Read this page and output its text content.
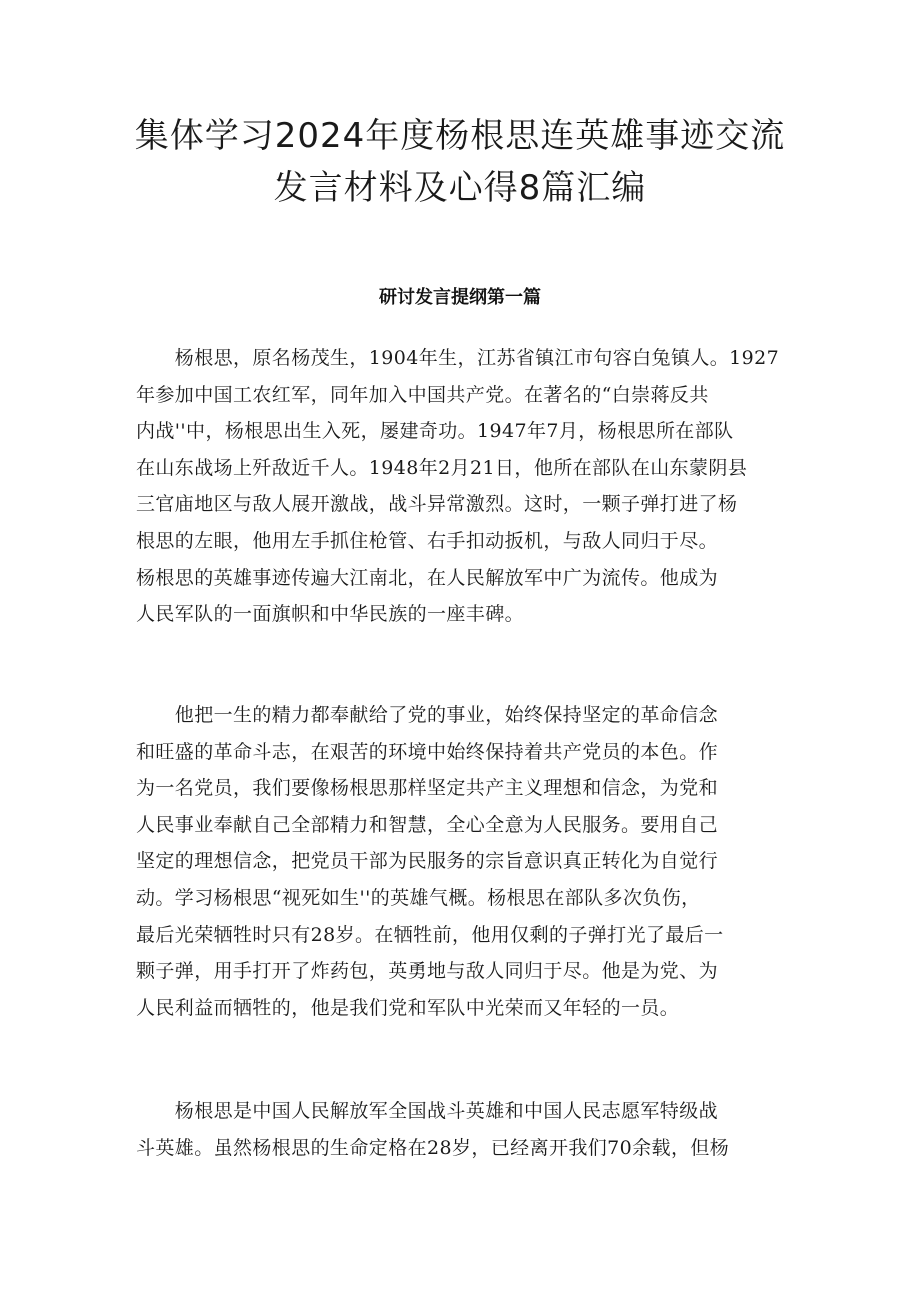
集体学习2024年度杨根思连英雄事迹交流
发言材料及心得8篇汇编
研讨发言提纲第一篇
　　杨根思，原名杨茂生，1904年生，江苏省镇江市句容白兔镇人。1927
年参加中国工农红军，同年加入中国共产党。在著名的“白崇蒋反共
内战''中，杨根思出生入死，屡建奇功。1947年7月，杨根思所在部队
在山东战场上歼敌近千人。1948年2月21日，他所在部队在山东蒙阴县
三官庙地区与敌人展开激战，战斗异常激烈。这时，一颗子弹打进了杨
根思的左眼，他用左手抓住枪管、右手扣动扳机，与敌人同归于尽。
杨根思的英雄事迹传遍大江南北，在人民解放军中广为流传。他成为
人民军队的一面旗帜和中华民族的一座丰碑。
　　他把一生的精力都奉献给了党的事业，始终保持坚定的革命信念
和旺盛的革命斗志，在艰苦的环境中始终保持着共产党员的本色。作
为一名党员，我们要像杨根思那样坚定共产主义理想和信念，为党和
人民事业奉献自己全部精力和智慧，全心全意为人民服务。要用自己
坚定的理想信念，把党员干部为民服务的宗旨意识真正转化为自觉行
动。学习杨根思“视死如生''的英雄气概。杨根思在部队多次负伤，
最后光荣牺牲时只有28岁。在牺牲前，他用仅剩的子弹打光了最后一
颗子弹，用手打开了炸药包，英勇地与敌人同归于尽。他是为党、为
人民利益而牺牲的，他是我们党和军队中光荣而又年轻的一员。
　　杨根思是中国人民解放军全国战斗英雄和中国人民志愿军特级战
斗英雄。虽然杨根思的生命定格在28岁，已经离开我们70余载，但杨
